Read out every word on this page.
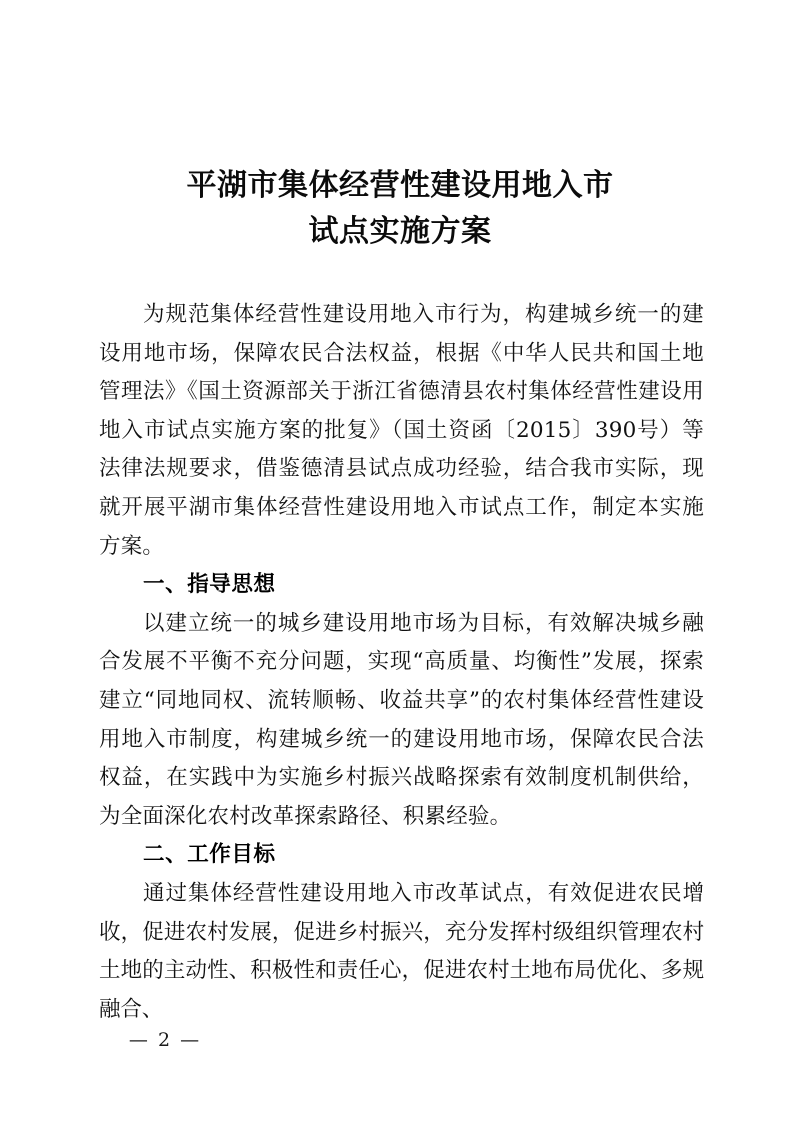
平湖市集体经营性建设用地入市
试点实施方案

为规范集体经营性建设用地入市行为，构建城乡统一的建设用地市场，保障农民合法权益，根据《中华人民共和国土地管理法》《国土资源部关于浙江省德清县农村集体经营性建设用地入市试点实施方案的批复》（国土资函〔2015〕390号）等法律法规要求，借鉴德清县试点成功经验，结合我市实际，现就开展平湖市集体经营性建设用地入市试点工作，制定本实施方案。

一、指导思想

以建立统一的城乡建设用地市场为目标，有效解决城乡融合发展不平衡不充分问题，实现“高质量、均衡性”发展，探索建立“同地同权、流转顺畅、收益共享”的农村集体经营性建设用地入市制度，构建城乡统一的建设用地市场，保障农民合法权益，在实践中为实施乡村振兴战略探索有效制度机制供给，为全面深化农村改革探索路径、积累经验。

二、工作目标

通过集体经营性建设用地入市改革试点，有效促进农民增收，促进农村发展，促进乡村振兴，充分发挥村级组织管理农村土地的主动性、积极性和责任心，促进农村土地布局优化、多规融合、

— 2 —
